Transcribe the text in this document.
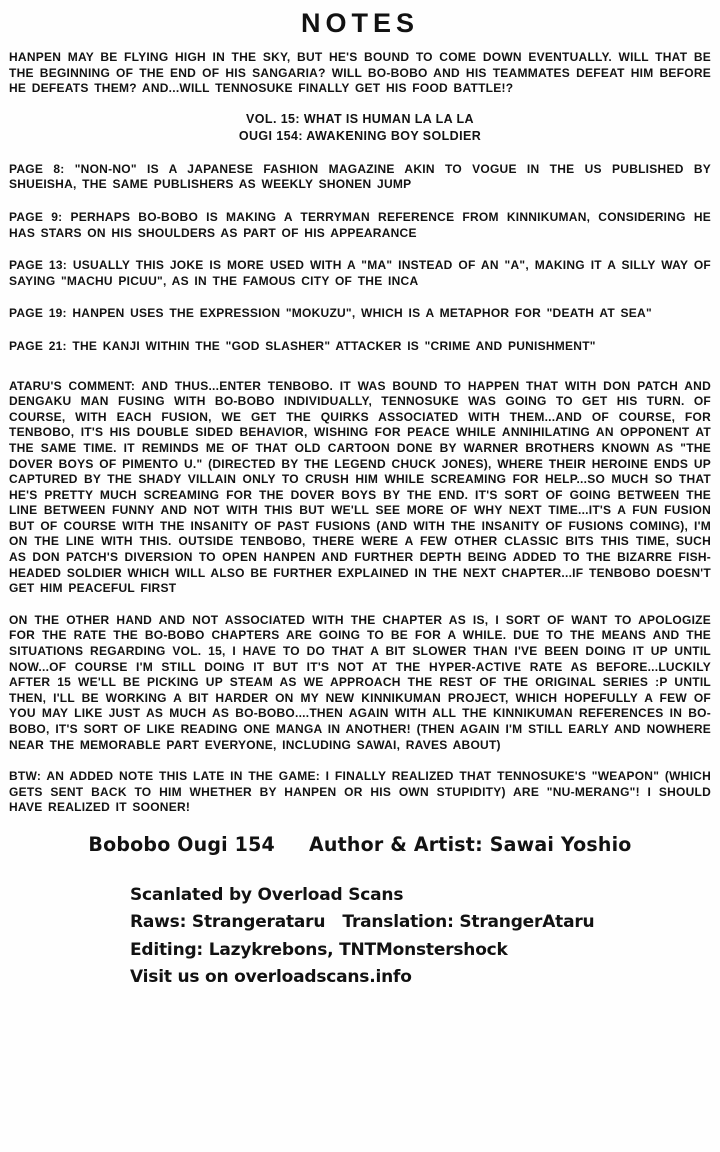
NOTES

HANPEN MAY BE FLYING HIGH IN THE SKY, BUT HE'S BOUND TO COME DOWN EVENTUALLY. WILL THAT BE THE BEGINNING OF THE END OF HIS SANGARIA? WILL BO-BOBO AND HIS TEAMMATES DEFEAT HIM BEFORE HE DEFEATS THEM? AND...WILL TENNOSUKE FINALLY GET HIS FOOD BATTLE!?

VOL. 15: WHAT IS HUMAN LA LA LA
OUGI 154: AWAKENING BOY SOLDIER

PAGE 8: "NON-NO" IS A JAPANESE FASHION MAGAZINE AKIN TO VOGUE IN THE US PUBLISHED BY SHUEISHA, THE SAME PUBLISHERS AS WEEKLY SHONEN JUMP

PAGE 9: PERHAPS BO-BOBO IS MAKING A TERRYMAN REFERENCE FROM KINNIKUMAN, CONSIDERING HE HAS STARS ON HIS SHOULDERS AS PART OF HIS APPEARANCE

PAGE 13: USUALLY THIS JOKE IS MORE USED WITH A "MA" INSTEAD OF AN "A", MAKING IT A SILLY WAY OF SAYING "MACHU PICUU", AS IN THE FAMOUS CITY OF THE INCA

PAGE 19: HANPEN USES THE EXPRESSION "MOKUZU", WHICH IS A METAPHOR FOR "DEATH AT SEA"

PAGE 21: THE KANJI WITHIN THE "GOD SLASHER" ATTACKER IS "CRIME AND PUNISHMENT"

ATARU'S COMMENT: AND THUS...ENTER TENBOBO. IT WAS BOUND TO HAPPEN THAT WITH DON PATCH AND DENGAKU MAN FUSING WITH BO-BOBO INDIVIDUALLY, TENNOSUKE WAS GOING TO GET HIS TURN. OF COURSE, WITH EACH FUSION, WE GET THE QUIRKS ASSOCIATED WITH THEM...AND OF COURSE, FOR TENBOBO, IT'S HIS DOUBLE SIDED BEHAVIOR, WISHING FOR PEACE WHILE ANNIHILATING AN OPPONENT AT THE SAME TIME. IT REMINDS ME OF THAT OLD CARTOON DONE BY WARNER BROTHERS KNOWN AS "THE DOVER BOYS OF PIMENTO U." (DIRECTED BY THE LEGEND CHUCK JONES), WHERE THEIR HEROINE ENDS UP CAPTURED BY THE SHADY VILLAIN ONLY TO CRUSH HIM WHILE SCREAMING FOR HELP...SO MUCH SO THAT HE'S PRETTY MUCH SCREAMING FOR THE DOVER BOYS BY THE END. IT'S SORT OF GOING BETWEEN THE LINE BETWEEN FUNNY AND NOT WITH THIS BUT WE'LL SEE MORE OF WHY NEXT TIME...IT'S A FUN FUSION BUT OF COURSE WITH THE INSANITY OF PAST FUSIONS (AND WITH THE INSANITY OF FUSIONS COMING), I'M ON THE LINE WITH THIS. OUTSIDE TENBOBO, THERE WERE A FEW OTHER CLASSIC BITS THIS TIME, SUCH AS DON PATCH'S DIVERSION TO OPEN HANPEN AND FURTHER DEPTH BEING ADDED TO THE BIZARRE FISH-HEADED SOLDIER WHICH WILL ALSO BE FURTHER EXPLAINED IN THE NEXT CHAPTER...IF TENBOBO DOESN'T GET HIM PEACEFUL FIRST

ON THE OTHER HAND AND NOT ASSOCIATED WITH THE CHAPTER AS IS, I SORT OF WANT TO APOLOGIZE FOR THE RATE THE BO-BOBO CHAPTERS ARE GOING TO BE FOR A WHILE. DUE TO THE MEANS AND THE SITUATIONS REGARDING VOL. 15, I HAVE TO DO THAT A BIT SLOWER THAN I'VE BEEN DOING IT UP UNTIL NOW...OF COURSE I'M STILL DOING IT BUT IT'S NOT AT THE HYPER-ACTIVE RATE AS BEFORE...LUCKILY AFTER 15 WE'LL BE PICKING UP STEAM AS WE APPROACH THE REST OF THE ORIGINAL SERIES :P UNTIL THEN, I'LL BE WORKING A BIT HARDER ON MY NEW KINNIKUMAN PROJECT, WHICH HOPEFULLY A FEW OF YOU MAY LIKE JUST AS MUCH AS BO-BOBO....THEN AGAIN WITH ALL THE KINNIKUMAN REFERENCES IN BO-BOBO, IT'S SORT OF LIKE READING ONE MANGA IN ANOTHER! (THEN AGAIN I'M STILL EARLY AND NOWHERE NEAR THE MEMORABLE PART EVERYONE, INCLUDING SAWAI, RAVES ABOUT)

BTW: AN ADDED NOTE THIS LATE IN THE GAME: I FINALLY REALIZED THAT TENNOSUKE'S "WEAPON" (WHICH GETS SENT BACK TO HIM WHETHER BY HANPEN OR HIS OWN STUPIDITY) ARE "NU-MERANG"! I SHOULD HAVE REALIZED IT SOONER!

Bobobo Ougi 154 Author & Artist: Sawai Yoshio
Scanlated by Overload Scans
Raws: Strangerataru   Translation: StrangerAtaru
Editing: Lazykrebons, TNTMonstershock
Visit us on overloadscans.info
